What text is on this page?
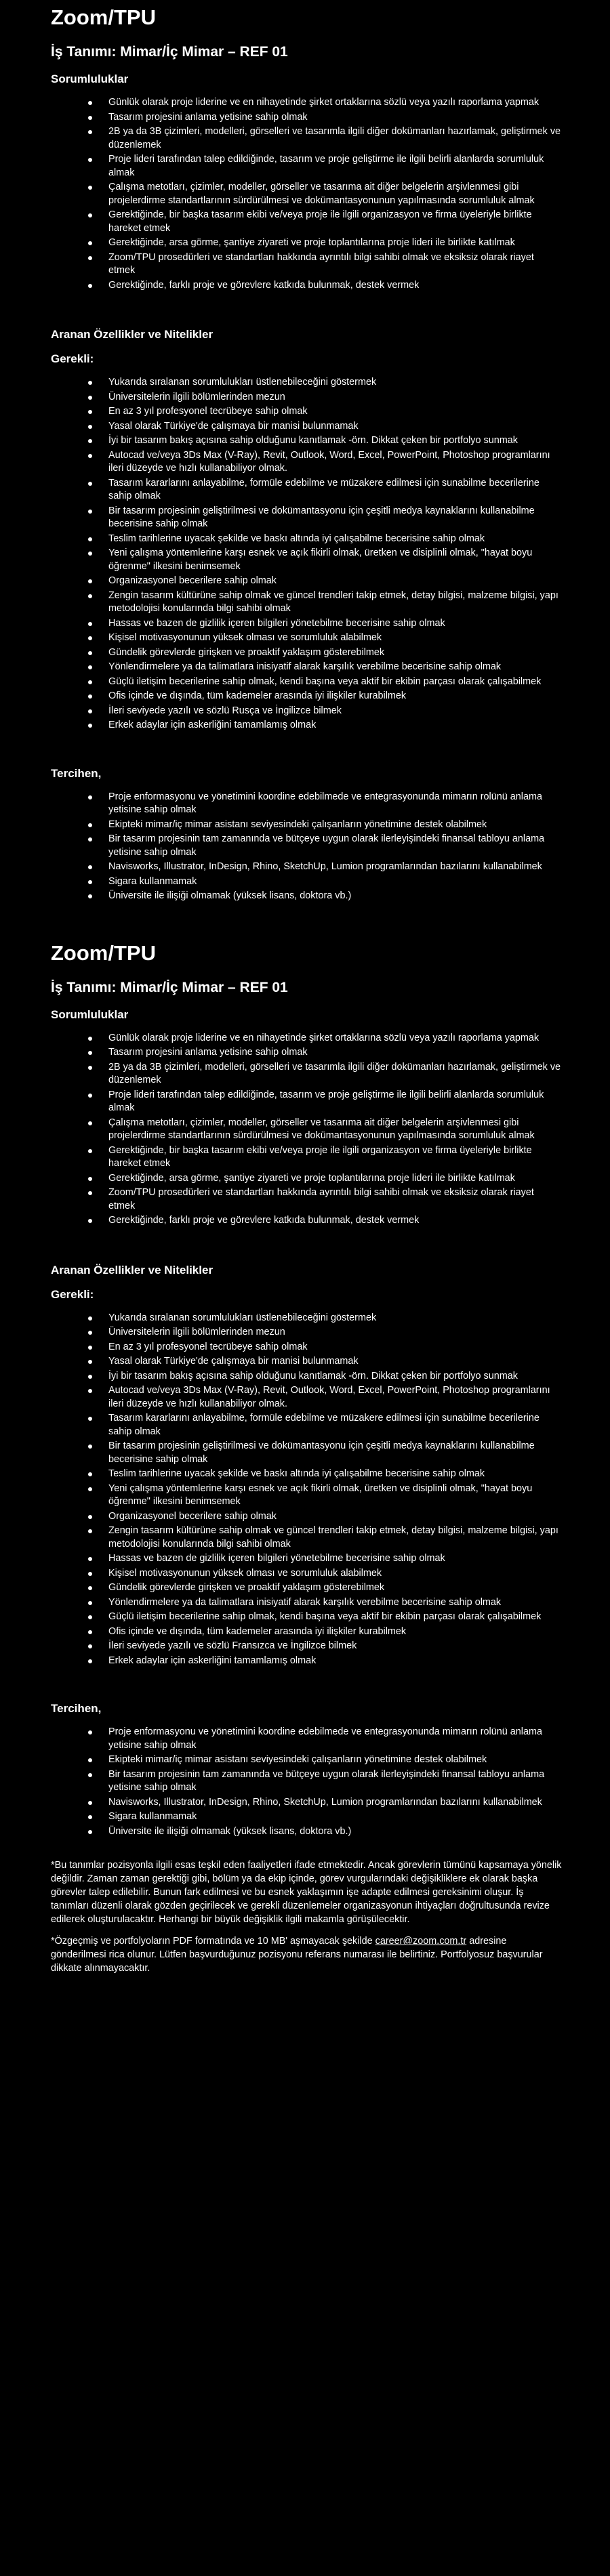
Zoom/TPU
İş Tanımı: Mimar/İç Mimar – REF 01
Sorumluluklar
Günlük olarak proje liderine ve en nihayetinde şirket ortaklarına sözlü veya yazılı raporlama yapmak
Tasarım projesini anlama yetisine sahip olmak
2B ya da 3B çizimleri, modelleri, görselleri ve tasarımla ilgili diğer dokümanları hazırlamak, geliştirmek ve düzenlemek
Proje lideri tarafından talep edildiğinde, tasarım ve proje geliştirme ile ilgili belirli alanlarda sorumluluk almak
Çalışma metotları, çizimler, modeller, görseller ve tasarıma ait diğer belgelerin arşivlenmesi gibi projelerdirme standartlarının sürdürülmesi ve dokümantasyonunun yapılmasında sorumluluk almak
Gerektiğinde, bir başka tasarım ekibi ve/veya proje ile ilgili organizasyon ve firma üyeleriyle birlikte hareket etmek
Gerektiğinde, arsa görme, şantiye ziyareti ve proje toplantılarına proje lideri ile birlikte katılmak
Zoom/TPU prosedürleri ve standartları hakkında ayrıntılı bilgi sahibi olmak ve eksiksiz olarak riayet etmek
Gerektiğinde, farklı proje ve görevlere katkıda bulunmak, destek vermek
Aranan Özellikler ve Nitelikler
Gerekli:
Yukarıda sıralanan sorumlulukları üstlenebileceğini göstermek
Üniversitelerin ilgili bölümlerinden mezun
En az 3 yıl profesyonel tecrübeye sahip olmak
Yasal olarak Türkiye'de çalışmaya bir manisi bulunmamak
İyi bir tasarım bakış açısına sahip olduğunu kanıtlamak -örn. Dikkat çeken bir portfolyo sunmak
Autocad ve/veya 3Ds Max (V-Ray), Revit, Outlook, Word, Excel, PowerPoint, Photoshop programlarını ileri düzeyde ve hızlı kullanabiliyor olmak.
Tasarım kararlarını anlayabilme, formüle edebilme ve müzakere edilmesi için sunabilme becerilerine sahip olmak
Bir tasarım projesinin geliştirilmesi ve dokümantasyonu için çeşitli medya kaynaklarını kullanabilme becerisine sahip olmak
Teslim tarihlerine uyacak şekilde ve baskı altında iyi çalışabilme becerisine sahip olmak
Yeni çalışma yöntemlerine karşı esnek ve açık fikirli olmak, üretken ve disiplinli olmak, "hayat boyu öğrenme" ilkesini benimsemek
Organizasyonel becerilere sahip olmak
Zengin tasarım kültürüne sahip olmak ve güncel trendleri takip etmek, detay bilgisi, malzeme bilgisi, yapı metodolojisi konularında bilgi sahibi olmak
Hassas ve bazen de gizlilik içeren bilgileri yönetebilme becerisine sahip olmak
Kişisel motivasyonunun yüksek olması ve sorumluluk alabilmek
Gündelik görevlerde girişken ve proaktif yaklaşım gösterebilmek
Yönlendirmelere ya da talimatlara inisiyatif alarak karşılık verebilme becerisine sahip olmak
Güçlü iletişim becerilerine sahip olmak, kendi başına veya aktif bir ekibin parçası olarak çalışabilmek
Ofis içinde ve dışında, tüm kademeler arasında iyi ilişkiler kurabilmek
İleri seviyede yazılı ve sözlü Rusça ve İngilizce bilmek
Erkek adaylar için askerliğini tamamlamış olmak
Tercihen,
Proje enformasyonu ve yönetimini koordine edebilmede ve entegrasyonunda mimarın rolünü anlama yetisine sahip olmak
Ekipteki mimar/iç mimar asistanı seviyesindeki çalışanların yönetimine destek olabilmek
Bir tasarım projesinin tam zamanında ve bütçeye uygun olarak ilerleyişindeki finansal tabloyu anlama yetisine sahip olmak
Navisworks, Illustrator, InDesign, Rhino, SketchUp, Lumion programlarından bazılarını kullanabilmek
Sigara kullanmamak
Üniversite ile ilişiği olmamak (yüksek lisans, doktora vb.)
Zoom/TPU
İş Tanımı: Mimar/İç Mimar – REF 01
Sorumluluklar
Günlük olarak proje liderine ve en nihayetinde şirket ortaklarına sözlü veya yazılı raporlama yapmak
Tasarım projesini anlama yetisine sahip olmak
2B ya da 3B çizimleri, modelleri, görselleri ve tasarımla ilgili diğer dokümanları hazırlamak, geliştirmek ve düzenlemek
Proje lideri tarafından talep edildiğinde, tasarım ve proje geliştirme ile ilgili belirli alanlarda sorumluluk almak
Çalışma metotları, çizimler, modeller, görseller ve tasarıma ait diğer belgelerin arşivlenmesi gibi projelerdirme standartlarının sürdürülmesi ve dokümantasyonunun yapılmasında sorumluluk almak
Gerektiğinde, bir başka tasarım ekibi ve/veya proje ile ilgili organizasyon ve firma üyeleriyle birlikte hareket etmek
Gerektiğinde, arsa görme, şantiye ziyareti ve proje toplantılarına proje lideri ile birlikte katılmak
Zoom/TPU prosedürleri ve standartları hakkında ayrıntılı bilgi sahibi olmak ve eksiksiz olarak riayet etmek
Gerektiğinde, farklı proje ve görevlere katkıda bulunmak, destek vermek
Aranan Özellikler ve Nitelikler
Gerekli:
Yukarıda sıralanan sorumlulukları üstlenebileceğini göstermek
Üniversitelerin ilgili bölümlerinden mezun
En az 3 yıl profesyonel tecrübeye sahip olmak
Yasal olarak Türkiye'de çalışmaya bir manisi bulunmamak
İyi bir tasarım bakış açısına sahip olduğunu kanıtlamak -örn. Dikkat çeken bir portfolyo sunmak
Autocad ve/veya 3Ds Max (V-Ray), Revit, Outlook, Word, Excel, PowerPoint, Photoshop programlarını ileri düzeyde ve hızlı kullanabiliyor olmak.
Tasarım kararlarını anlayabilme, formüle edebilme ve müzakere edilmesi için sunabilme becerilerine sahip olmak
Bir tasarım projesinin geliştirilmesi ve dokümantasyonu için çeşitli medya kaynaklarını kullanabilme becerisine sahip olmak
Teslim tarihlerine uyacak şekilde ve baskı altında iyi çalışabilme becerisine sahip olmak
Yeni çalışma yöntemlerine karşı esnek ve açık fikirli olmak, üretken ve disiplinli olmak, "hayat boyu öğrenme" ilkesini benimsemek
Organizasyonel becerilere sahip olmak
Zengin tasarım kültürüne sahip olmak ve güncel trendleri takip etmek, detay bilgisi, malzeme bilgisi, yapı metodolojisi konularında bilgi sahibi olmak
Hassas ve bazen de gizlilik içeren bilgileri yönetebilme becerisine sahip olmak
Kişisel motivasyonunun yüksek olması ve sorumluluk alabilmek
Gündelik görevlerde girişken ve proaktif yaklaşım gösterebilmek
Yönlendirmelere ya da talimatlara inisiyatif alarak karşılık verebilme becerisine sahip olmak
Güçlü iletişim becerilerine sahip olmak, kendi başına veya aktif bir ekibin parçası olarak çalışabilmek
Ofis içinde ve dışında, tüm kademeler arasında iyi ilişkiler kurabilmek
İleri seviyede yazılı ve sözlü Fransızca ve İngilizce bilmek
Erkek adaylar için askerliğini tamamlamış olmak
Tercihen,
Proje enformasyonu ve yönetimini koordine edebilmede ve entegrasyonunda mimarın rolünü anlama yetisine sahip olmak
Ekipteki mimar/iç mimar asistanı seviyesindeki çalışanların yönetimine destek olabilmek
Bir tasarım projesinin tam zamanında ve bütçeye uygun olarak ilerleyişindeki finansal tabloyu anlama yetisine sahip olmak
Navisworks, Illustrator, InDesign, Rhino, SketchUp, Lumion programlarından bazılarını kullanabilmek
Sigara kullanmamak
Üniversite ile ilişiği olmamak (yüksek lisans, doktora vb.)

*Bu tanımlar pozisyonla ilgili esas teşkil eden faaliyetleri ifade etmektedir. Ancak görevlerin tümünü kapsamaya yönelik değildir. Zaman zaman gerektiği gibi, bölüm ya da ekip içinde, görev vurgularındaki değişikliklere ek olarak başka görevler talep edilebilir. Bunun fark edilmesi ve bu esnek yaklaşımın işe adapte edilmesi gereksinimi oluşur. İş tanımları düzenli olarak gözden geçirilecek ve gerekli düzenlemeler organizasyonun ihtiyaçları doğrultusunda revize edilerek oluşturulacaktır. Herhangi bir büyük değişiklik ilgili makamla görüşülecektir.

*Özgeçmiş ve portfolyoların PDF formatında ve 10 MB' aşmayacak şekilde career@zoom.com.tr adresine gönderilmesi rica olunur. Lütfen başvurduğunuz pozisyonu referans numarası ile belirtiniz. Portfolyosuz başvurular dikkate alınmayacaktır.
